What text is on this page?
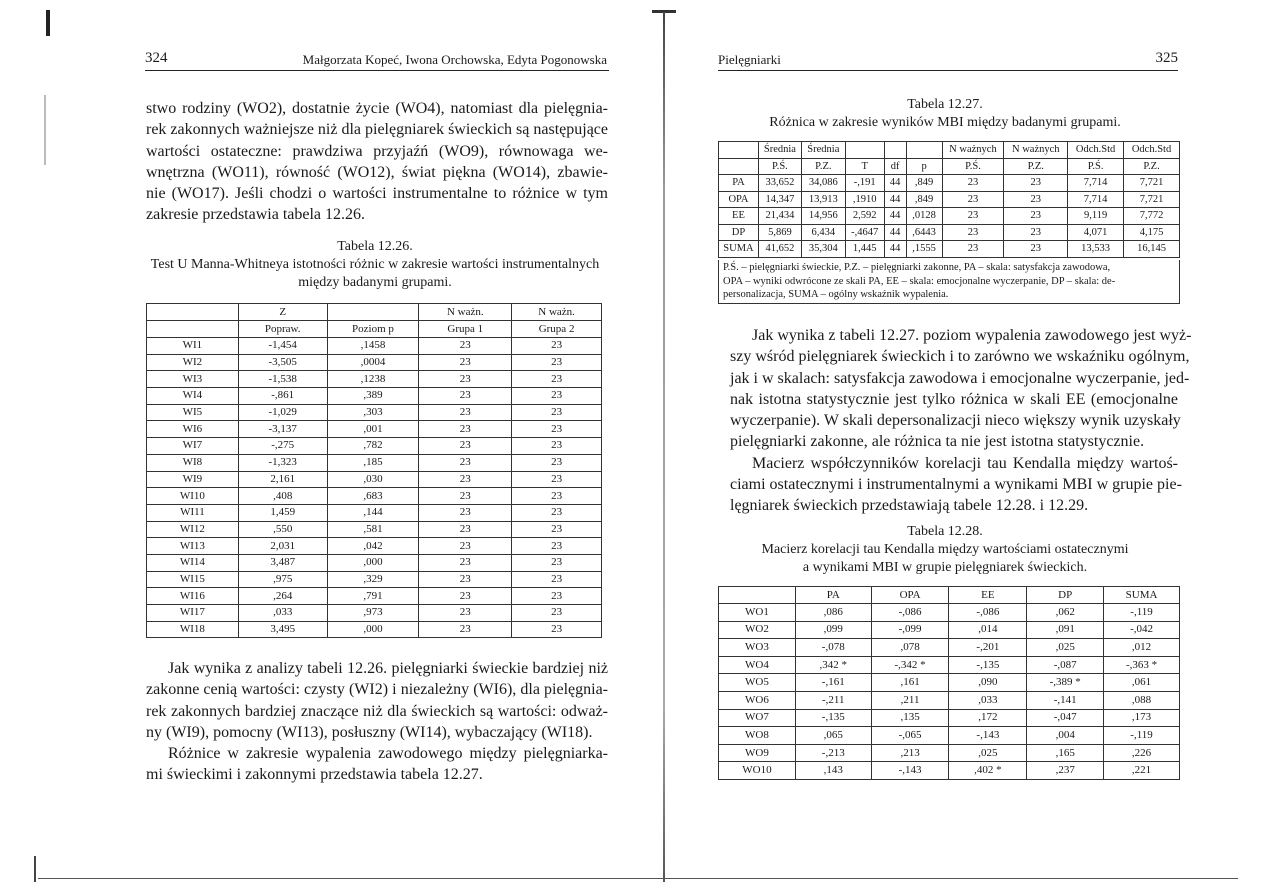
324	Małgorzata Kopeć, Iwona Orchowska, Edyta Pogonowska
stwo rodziny (WO2), dostatnie życie (WO4), natomiast dla pielęgnia-
rek zakonnych ważniejsze niż dla pielęgniarek świeckich są następujące
wartości ostateczne: prawdziwa przyjaźń (WO9), równowaga we-
wnętrzna (WO11), równość (WO12), świat piękna (WO14), zbawie-
nie (WO17). Jeśli chodzi o wartości instrumentalne to różnice w tym
zakresie przedstawia tabela 12.26.
Tabela 12.26.
Test U Manna-Whitneya istotności różnic w zakresie wartości instrumentalnych
między badanymi grupami.
	Z		N ważn.	N ważn.
	Popraw.	Poziom p	Grupa 1	Grupa 2
WI1	-1,454	,1458	23	23
WI2	-3,505	,0004	23	23
WI3	-1,538	,1238	23	23
WI4	-,861	,389	23	23
WI5	-1,029	,303	23	23
WI6	-3,137	,001	23	23
WI7	-,275	,782	23	23
WI8	-1,323	,185	23	23
WI9	2,161	,030	23	23
WI10	,408	,683	23	23
WI11	1,459	,144	23	23
WI12	,550	,581	23	23
WI13	2,031	,042	23	23
WI14	3,487	,000	23	23
WI15	,975	,329	23	23
WI16	,264	,791	23	23
WI17	,033	,973	23	23
WI18	3,495	,000	23	23
Jak wynika z analizy tabeli 12.26. pielęgniarki świeckie bardziej niż
zakonne cenią wartości: czysty (WI2) i niezależny (WI6), dla pielęgnia-
rek zakonnych bardziej znaczące niż dla świeckich są wartości: odważ-
ny (WI9), pomocny (WI13), posłuszny (WI14), wybaczający (WI18).
Różnice w zakresie wypalenia zawodowego między pielęgniarka-
mi świeckimi i zakonnymi przedstawia tabela 12.27.
Pielęgniarki	325
Tabela 12.27.
Różnica w zakresie wyników MBI między badanymi grupami.
	Średnia	Średnia				N ważnych	N ważnych	Odch.Std	Odch.Std
	P.Ś.	P.Z.	T	df	p	P.Ś.	P.Z.	P.Ś.	P.Z.
PA	33,652	34,086	-,191	44	,849	23	23	7,714	7,721
OPA	14,347	13,913	,1910	44	,849	23	23	7,714	7,721
EE	21,434	14,956	2,592	44	,0128	23	23	9,119	7,772
DP	5,869	6,434	-,4647	44	,6443	23	23	4,071	4,175
SUMA	41,652	35,304	1,445	44	,1555	23	23	13,533	16,145
P.Ś. – pielęgniarki świeckie, P.Z. – pielęgniarki zakonne, PA – skala: satysfakcja zawodowa,
OPA – wyniki odwrócone ze skali PA, EE – skala: emocjonalne wyczerpanie, DP – skala: de-
personalizacja, SUMA – ogólny wskaźnik wypalenia.
Jak wynika z tabeli 12.27. poziom wypalenia zawodowego jest wyż-
szy wśród pielęgniarek świeckich i to zarówno we wskaźniku ogólnym,
jak i w skalach: satysfakcja zawodowa i emocjonalne wyczerpanie, jed-
nak istotna statystycznie jest tylko różnica w skali EE (emocjonalne
wyczerpanie). W skali depersonalizacji nieco większy wynik uzyskały
pielęgniarki zakonne, ale różnica ta nie jest istotna statystycznie.
Macierz współczynników korelacji tau Kendalla między wartoś-
ciami ostatecznymi i instrumentalnymi a wynikami MBI w grupie pie-
lęgniarek świeckich przedstawiają tabele 12.28. i 12.29.
Tabela 12.28.
Macierz korelacji tau Kendalla między wartościami ostatecznymi
a wynikami MBI w grupie pielęgniarek świeckich.
	PA	OPA	EE	DP	SUMA
WO1	,086	-,086	-,086	,062	-,119
WO2	,099	-,099	,014	,091	-,042
WO3	-,078	,078	-,201	,025	,012
WO4	,342 *	-,342 *	-,135	-,087	-,363 *
WO5	-,161	,161	,090	-,389 *	,061
WO6	-,211	,211	,033	-,141	,088
WO7	-,135	,135	,172	-,047	,173
WO8	,065	-,065	-,143	,004	-,119
WO9	-,213	,213	,025	,165	,226
WO10	,143	-,143	,402 *	,237	,221
